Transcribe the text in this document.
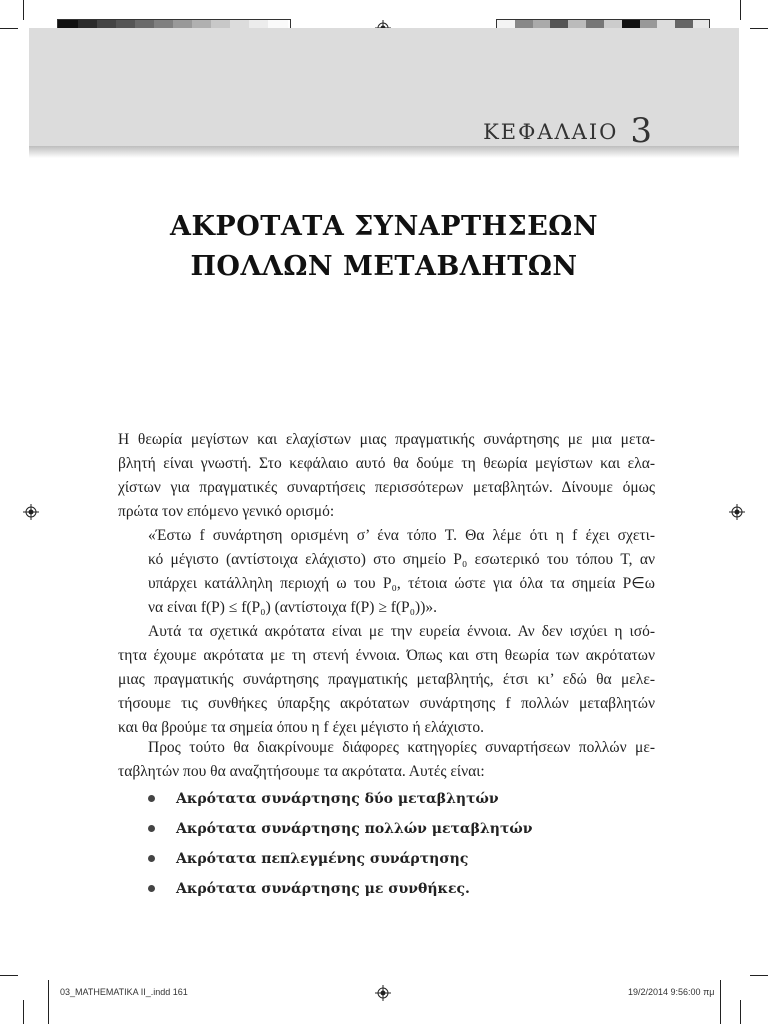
ΚΕΦΑΛΑΙΟ 3
ΑΚΡΟΤΑΤΑ ΣΥΝΑΡΤΗΣΕΩΝ
ΠΟΛΛΩΝ ΜΕΤΑΒΛΗΤΩΝ
Η θεωρία μεγίστων και ελαχίστων μιας πραγματικής συνάρτησης με μια μετα-
βλητή είναι γνωστή. Στο κεφάλαιο αυτό θα δούμε τη θεωρία μεγίστων και ελα-
χίστων για πραγματικές συναρτήσεις περισσότερων μεταβλητών. Δίνουμε όμως
πρώτα τον επόμενο γενικό ορισμό:
«Έστω f συνάρτηση ορισμένη σ’ ένα τόπο T. Θα λέμε ότι η f έχει σχετι-
κό μέγιστο (αντίστοιχα ελάχιστο) στο σημείο P₀ εσωτερικό του τόπου T, αν
υπάρχει κατάλληλη περιοχή ω του P₀, τέτοια ώστε για όλα τα σημεία P∈ω
να είναι f(P) ≤ f(P₀) (αντίστοιχα f(P) ≥ f(P₀))».
Αυτά τα σχετικά ακρότατα είναι με την ευρεία έννοια. Αν δεν ισχύει η ισό-
τητα έχουμε ακρότατα με τη στενή έννοια. Όπως και στη θεωρία των ακρότατων
μιας πραγματικής συνάρτησης πραγματικής μεταβλητής, έτσι κι’ εδώ θα μελε-
τήσουμε τις συνθήκες ύπαρξης ακρότατων συνάρτησης f πολλών μεταβλητών
και θα βρούμε τα σημεία όπου η f έχει μέγιστο ή ελάχιστο.
Προς τούτο θα διακρίνουμε διάφορες κατηγορίες συναρτήσεων πολλών με-
ταβλητών που θα αναζητήσουμε τα ακρότατα. Αυτές είναι:
Ακρότατα συνάρτησης δύο μεταβλητών
Ακρότατα συνάρτησης πολλών μεταβλητών
Ακρότατα πεπλεγμένης συνάρτησης
Ακρότατα συνάρτησης με συνθήκες.
03_MATHEMATIKA II_.indd 161	19/2/2014 9:56:00 πμ
